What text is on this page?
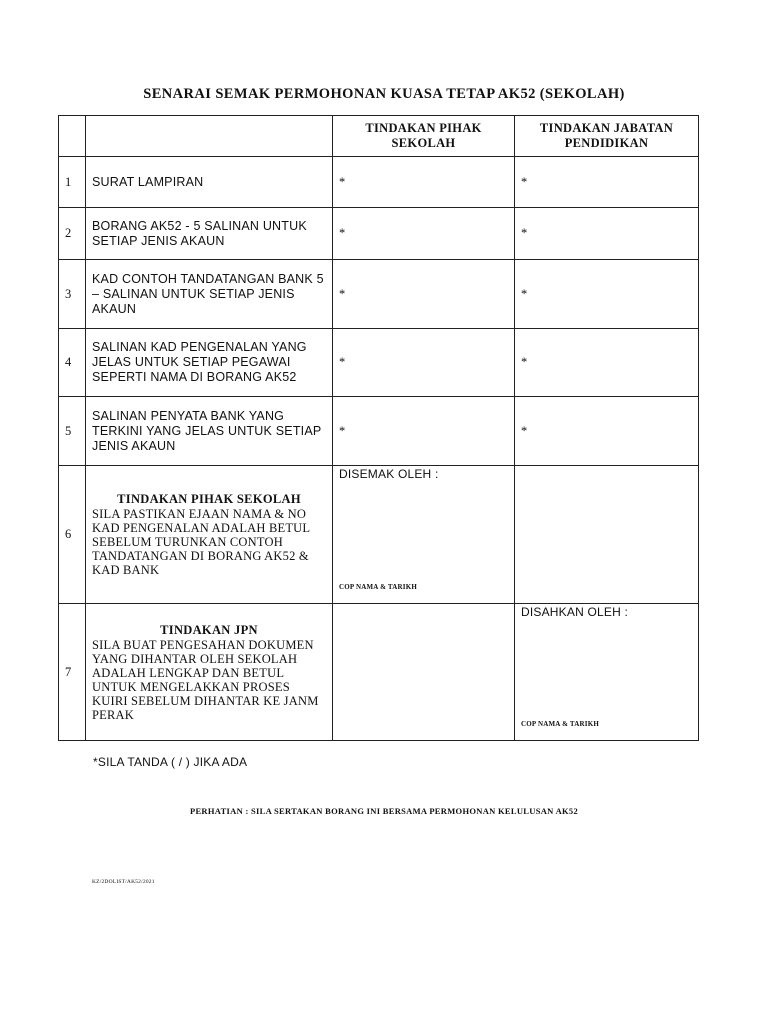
SENARAI SEMAK PERMOHONAN KUASA TETAP AK52 (SEKOLAH)
		TINDAKAN PIHAK SEKOLAH	TINDAKAN JABATAN PENDIDIKAN
1	SURAT LAMPIRAN	*	*
2	BORANG AK52 - 5 SALINAN UNTUK SETIAP JENIS AKAUN	*	*
3	KAD CONTOH TANDATANGAN BANK 5 – SALINAN UNTUK SETIAP JENIS AKAUN	*	*
4	SALINAN KAD PENGENALAN YANG JELAS UNTUK SETIAP PEGAWAI SEPERTI NAMA DI BORANG AK52	*	*
5	SALINAN PENYATA BANK YANG TERKINI YANG JELAS UNTUK SETIAP JENIS AKAUN	*	*
6	TINDAKAN PIHAK SEKOLAH
SILA PASTIKAN EJAAN NAMA & NO KAD PENGENALAN ADALAH BETUL SEBELUM TURUNKAN CONTOH TANDATANGAN DI BORANG AK52 & KAD BANK	DISEMAK OLEH :
COP NAMA & TARIKH	

7	TINDAKAN JPN
SILA BUAT PENGESAHAN DOKUMEN YANG DIHANTAR OLEH SEKOLAH ADALAH LENGKAP DAN BETUL UNTUK MENGELAKKAN PROSES KUIRI SEBELUM DIHANTAR KE JANM PERAK		DISAHKAN OLEH :
COP NAMA & TARIKH
*SILA TANDA ( / ) JIKA ADA
PERHATIAN : SILA SERTAKAN BORANG INI BERSAMA PERMOHONAN KELULUSAN AK52
KZ/2DOLIST/AK52/2021
